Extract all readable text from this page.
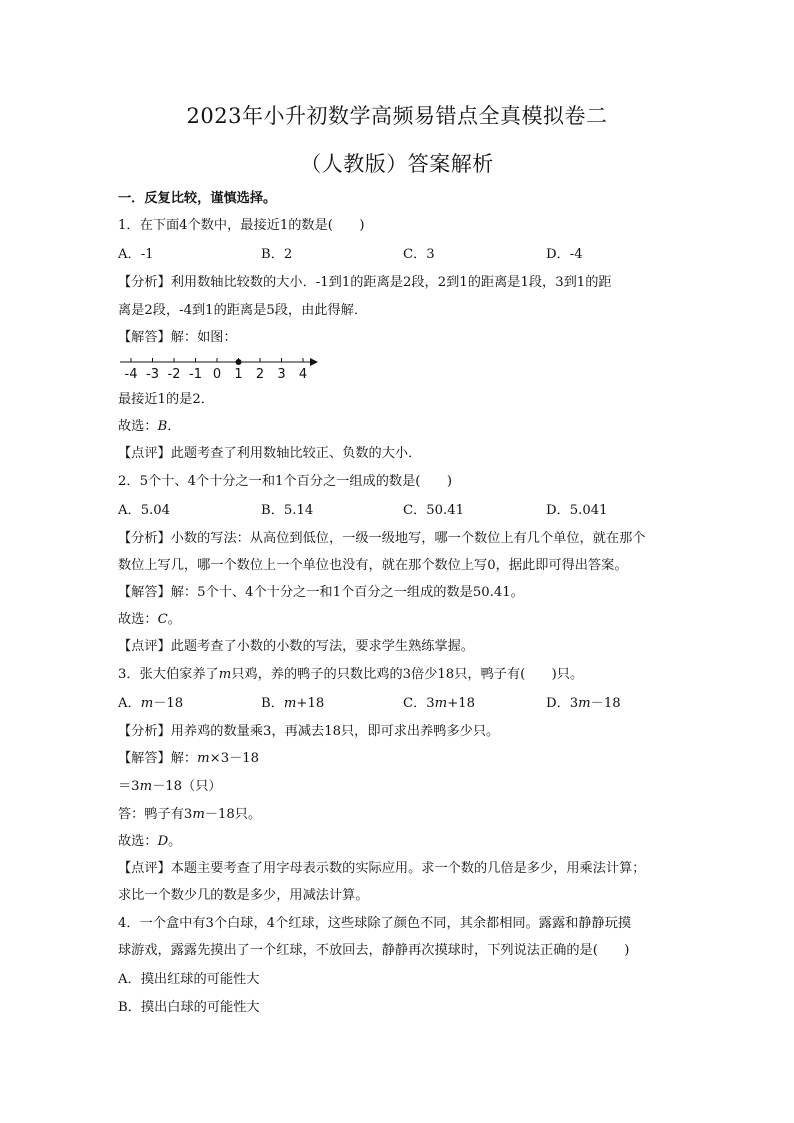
2023年小升初数学高频易错点全真模拟卷二
（人教版）答案解析
一．反复比较，谨慎选择。
1．在下面4个数中，最接近1的数是(　　)
A．-1	B．2	C．3	D．-4
【分析】利用数轴比较数的大小．-1到1的距离是2段，2到1的距离是1段，3到1的距
离是2段，-4到1的距离是5段，由此得解．
【解答】解：如图：
-4 -3 -2 -1 0 1 2 3 4
最接近1的是2．
故选：B．
【点评】此题考查了利用数轴比较正、负数的大小．
2．5个十、4个十分之一和1个百分之一组成的数是(　　)
A．5.04	B．5.14	C．50.41	D．5.041
【分析】小数的写法：从高位到低位，一级一级地写，哪一个数位上有几个单位，就在那个
数位上写几，哪一个数位上一个单位也没有，就在那个数位上写0，据此即可得出答案。
【解答】解：5个十、4个十分之一和1个百分之一组成的数是50.41。
故选：C。
【点评】此题考查了小数的小数的写法，要求学生熟练掌握。
3．张大伯家养了m只鸡，养的鸭子的只数比鸡的3倍少18只，鸭子有(　　)只。
A．m－18	B．m+18	C．3m+18	D．3m－18
【分析】用养鸡的数量乘3，再减去18只，即可求出养鸭多少只。
【解答】解：m×3－18
＝3m－18（只）
答：鸭子有3m－18只。
故选：D。
【点评】本题主要考查了用字母表示数的实际应用。求一个数的几倍是多少，用乘法计算；
求比一个数少几的数是多少，用减法计算。
4．一个盒中有3个白球，4个红球，这些球除了颜色不同，其余都相同。露露和静静玩摸
球游戏，露露先摸出了一个红球，不放回去，静静再次摸球时，下列说法正确的是(　　)
A．摸出红球的可能性大
B．摸出白球的可能性大
